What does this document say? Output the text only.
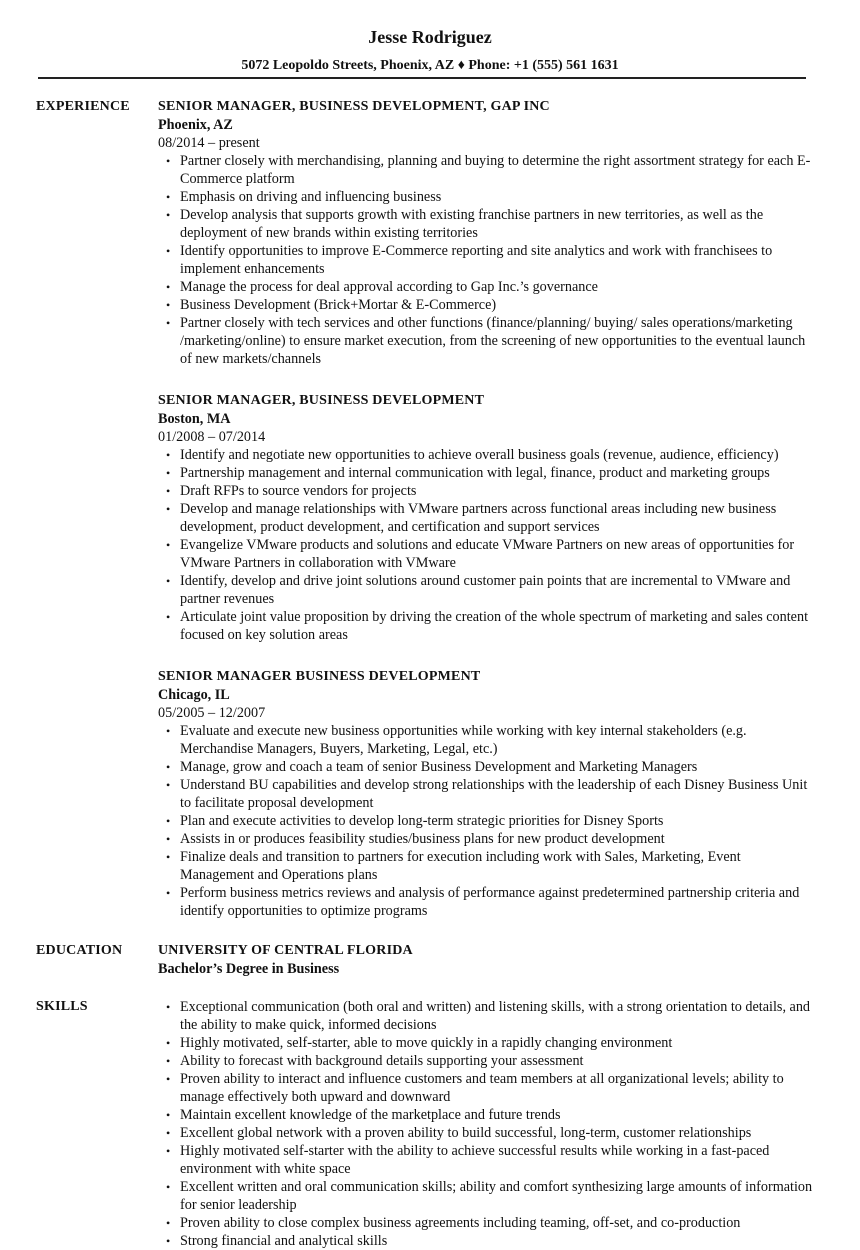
Jesse Rodriguez
5072 Leopoldo Streets, Phoenix, AZ ♦ Phone: +1 (555) 561 1631
EXPERIENCE SENIOR MANAGER, BUSINESS DEVELOPMENT, GAP INC
Phoenix, AZ
08/2014 – present
• Partner closely with merchandising, planning and buying to determine the right assortment strategy for each E-Commerce platform
• Emphasis on driving and influencing business
• Develop analysis that supports growth with existing franchise partners in new territories, as well as the deployment of new brands within existing territories
• Identify opportunities to improve E-Commerce reporting and site analytics and work with franchisees to implement enhancements
• Manage the process for deal approval according to Gap Inc.’s governance
• Business Development (Brick+Mortar & E-Commerce)
• Partner closely with tech services and other functions (finance/planning/ buying/ sales operations/marketing /marketing/online) to ensure market execution, from the screening of new opportunities to the eventual launch of new markets/channels
SENIOR MANAGER, BUSINESS DEVELOPMENT
Boston, MA
01/2008 – 07/2014
• Identify and negotiate new opportunities to achieve overall business goals (revenue, audience, efficiency)
• Partnership management and internal communication with legal, finance, product and marketing groups
• Draft RFPs to source vendors for projects
• Develop and manage relationships with VMware partners across functional areas including new business development, product development, and certification and support services
• Evangelize VMware products and solutions and educate VMware Partners on new areas of opportunities for VMware Partners in collaboration with VMware
• Identify, develop and drive joint solutions around customer pain points that are incremental to VMware and partner revenues
• Articulate joint value proposition by driving the creation of the whole spectrum of marketing and sales content focused on key solution areas
SENIOR MANAGER BUSINESS DEVELOPMENT
Chicago, IL
05/2005 – 12/2007
• Evaluate and execute new business opportunities while working with key internal stakeholders (e.g. Merchandise Managers, Buyers, Marketing, Legal, etc.)
• Manage, grow and coach a team of senior Business Development and Marketing Managers
• Understand BU capabilities and develop strong relationships with the leadership of each Disney Business Unit to facilitate proposal development
• Plan and execute activities to develop long-term strategic priorities for Disney Sports
• Assists in or produces feasibility studies/business plans for new product development
• Finalize deals and transition to partners for execution including work with Sales, Marketing, Event Management and Operations plans
• Perform business metrics reviews and analysis of performance against predetermined partnership criteria and identify opportunities to optimize programs
EDUCATION	UNIVERSITY OF CENTRAL FLORIDA
Bachelor’s Degree in Business
SKILLS
•	Exceptional communication (both oral and written) and listening skills, with a strong orientation to details, and the ability to make quick, informed decisions
• Highly motivated, self-starter, able to move quickly in a rapidly changing environment
• Ability to forecast with background details supporting your assessment
• Proven ability to interact and influence customers and team members at all organizational levels; ability to manage effectively both upward and downward
• Maintain excellent knowledge of the marketplace and future trends
• Excellent global network with a proven ability to build successful, long-term, customer relationships
• Highly motivated self-starter with the ability to achieve successful results while working in a fast-paced environment with white space
• Excellent written and oral communication skills; ability and comfort synthesizing large amounts of information for senior leadership
• Proven ability to close complex business agreements including teaming, off-set, and co-production
• Strong financial and analytical skills
